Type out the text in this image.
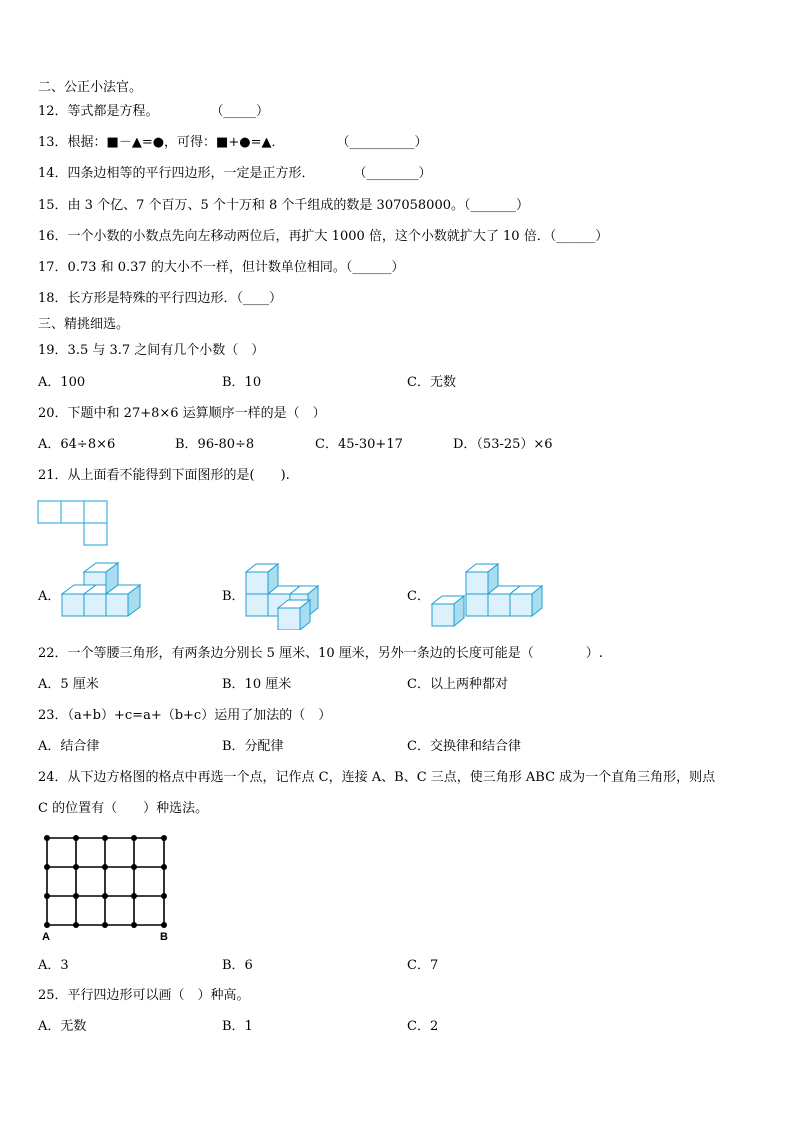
二、公正小法官。
12．等式都是方程。　　　　　（_____）
13．根据：■－▲=●，可得：■+●=▲．　　　　　（__________）
14．四条边相等的平行四边形，一定是正方形．　　　　（________）
15．由 3 个亿、7 个百万、5 个十万和 8 个千组成的数是 307058000。（_______）
16．一个小数的小数点先向左移动两位后，再扩大 1000 倍，这个小数就扩大了 10 倍．（______）
17．0.73 和 0.37 的大小不一样，但计数单位相同。（______）
18．长方形是特殊的平行四边形．（____）
三、精挑细选。
19．3.5 与 3.7 之间有几个小数（　）
A．100	B．10	C．无数
20．下题中和 27+8×6 运算顺序一样的是（　）
A．64÷8×6	B．96-80÷8	C．45-30+17	D．（53-25）×6
21．从上面看不能得到下面图形的是(　　).
A．	B．	C．
22．一个等腰三角形，有两条边分别长 5 厘米、10 厘米，另外一条边的长度可能是（　　　　）.
A．5 厘米	B．10 厘米	C．以上两种都对
23．（a+b）+c=a+（b+c）运用了加法的（　）
A．结合律	B．分配律	C．交换律和结合律
24．从下边方格图的格点中再选一个点，记作点 C，连接 A、B、C 三点，使三角形 ABC 成为一个直角三角形，则点
C 的位置有（　　）种选法。
A	B
A．3	B．6	C．7
25．平行四边形可以画（　）种高。
A．无数	B．1	C．2
